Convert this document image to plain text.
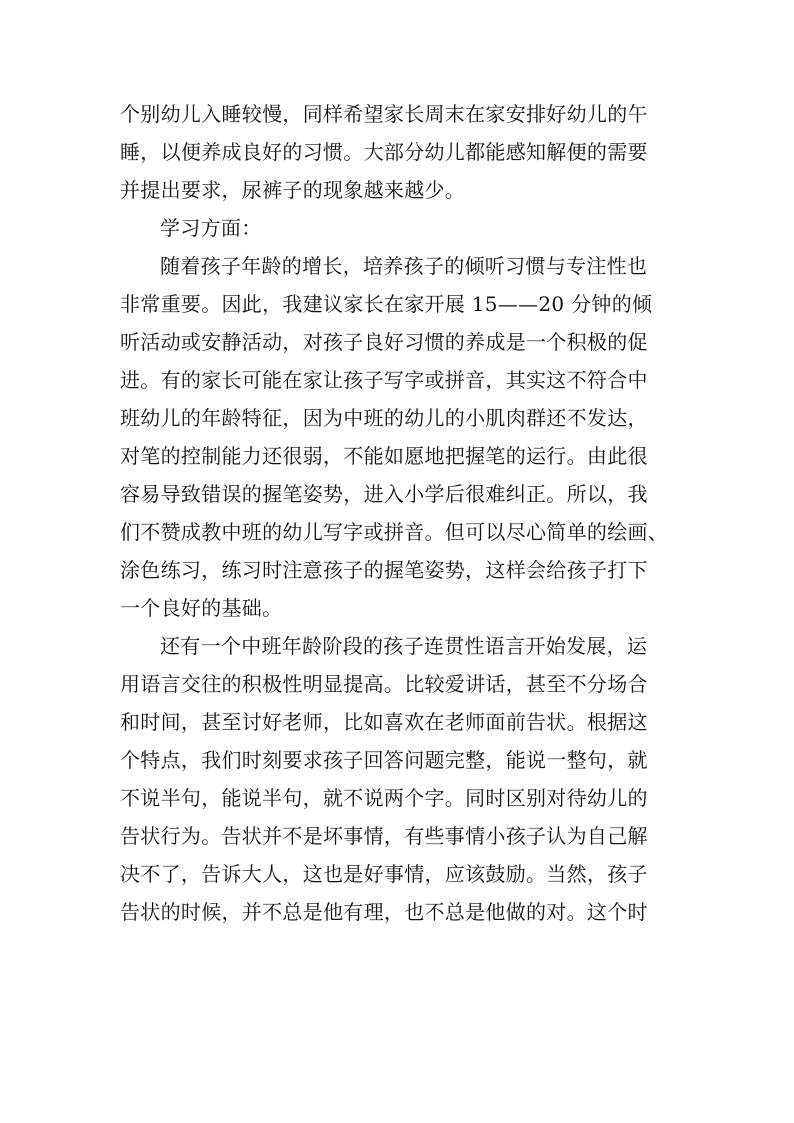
个别幼儿入睡较慢，同样希望家长周末在家安排好幼儿的午
睡，以便养成良好的习惯。大部分幼儿都能感知解便的需要
并提出要求，尿裤子的现象越来越少。
学习方面：
随着孩子年龄的增长，培养孩子的倾听习惯与专注性也
非常重要。因此，我建议家长在家开展 15——20 分钟的倾
听活动或安静活动，对孩子良好习惯的养成是一个积极的促
进。有的家长可能在家让孩子写字或拼音，其实这不符合中
班幼儿的年龄特征，因为中班的幼儿的小肌肉群还不发达，
对笔的控制能力还很弱，不能如愿地把握笔的运行。由此很
容易导致错误的握笔姿势，进入小学后很难纠正。所以，我
们不赞成教中班的幼儿写字或拼音。但可以尽心简单的绘画、
涂色练习，练习时注意孩子的握笔姿势，这样会给孩子打下
一个良好的基础。
还有一个中班年龄阶段的孩子连贯性语言开始发展，运
用语言交往的积极性明显提高。比较爱讲话，甚至不分场合
和时间，甚至讨好老师，比如喜欢在老师面前告状。根据这
个特点，我们时刻要求孩子回答问题完整，能说一整句，就
不说半句，能说半句，就不说两个字。同时区别对待幼儿的
告状行为。告状并不是坏事情，有些事情小孩子认为自己解
决不了，告诉大人，这也是好事情，应该鼓励。当然，孩子
告状的时候，并不总是他有理，也不总是他做的对。这个时
